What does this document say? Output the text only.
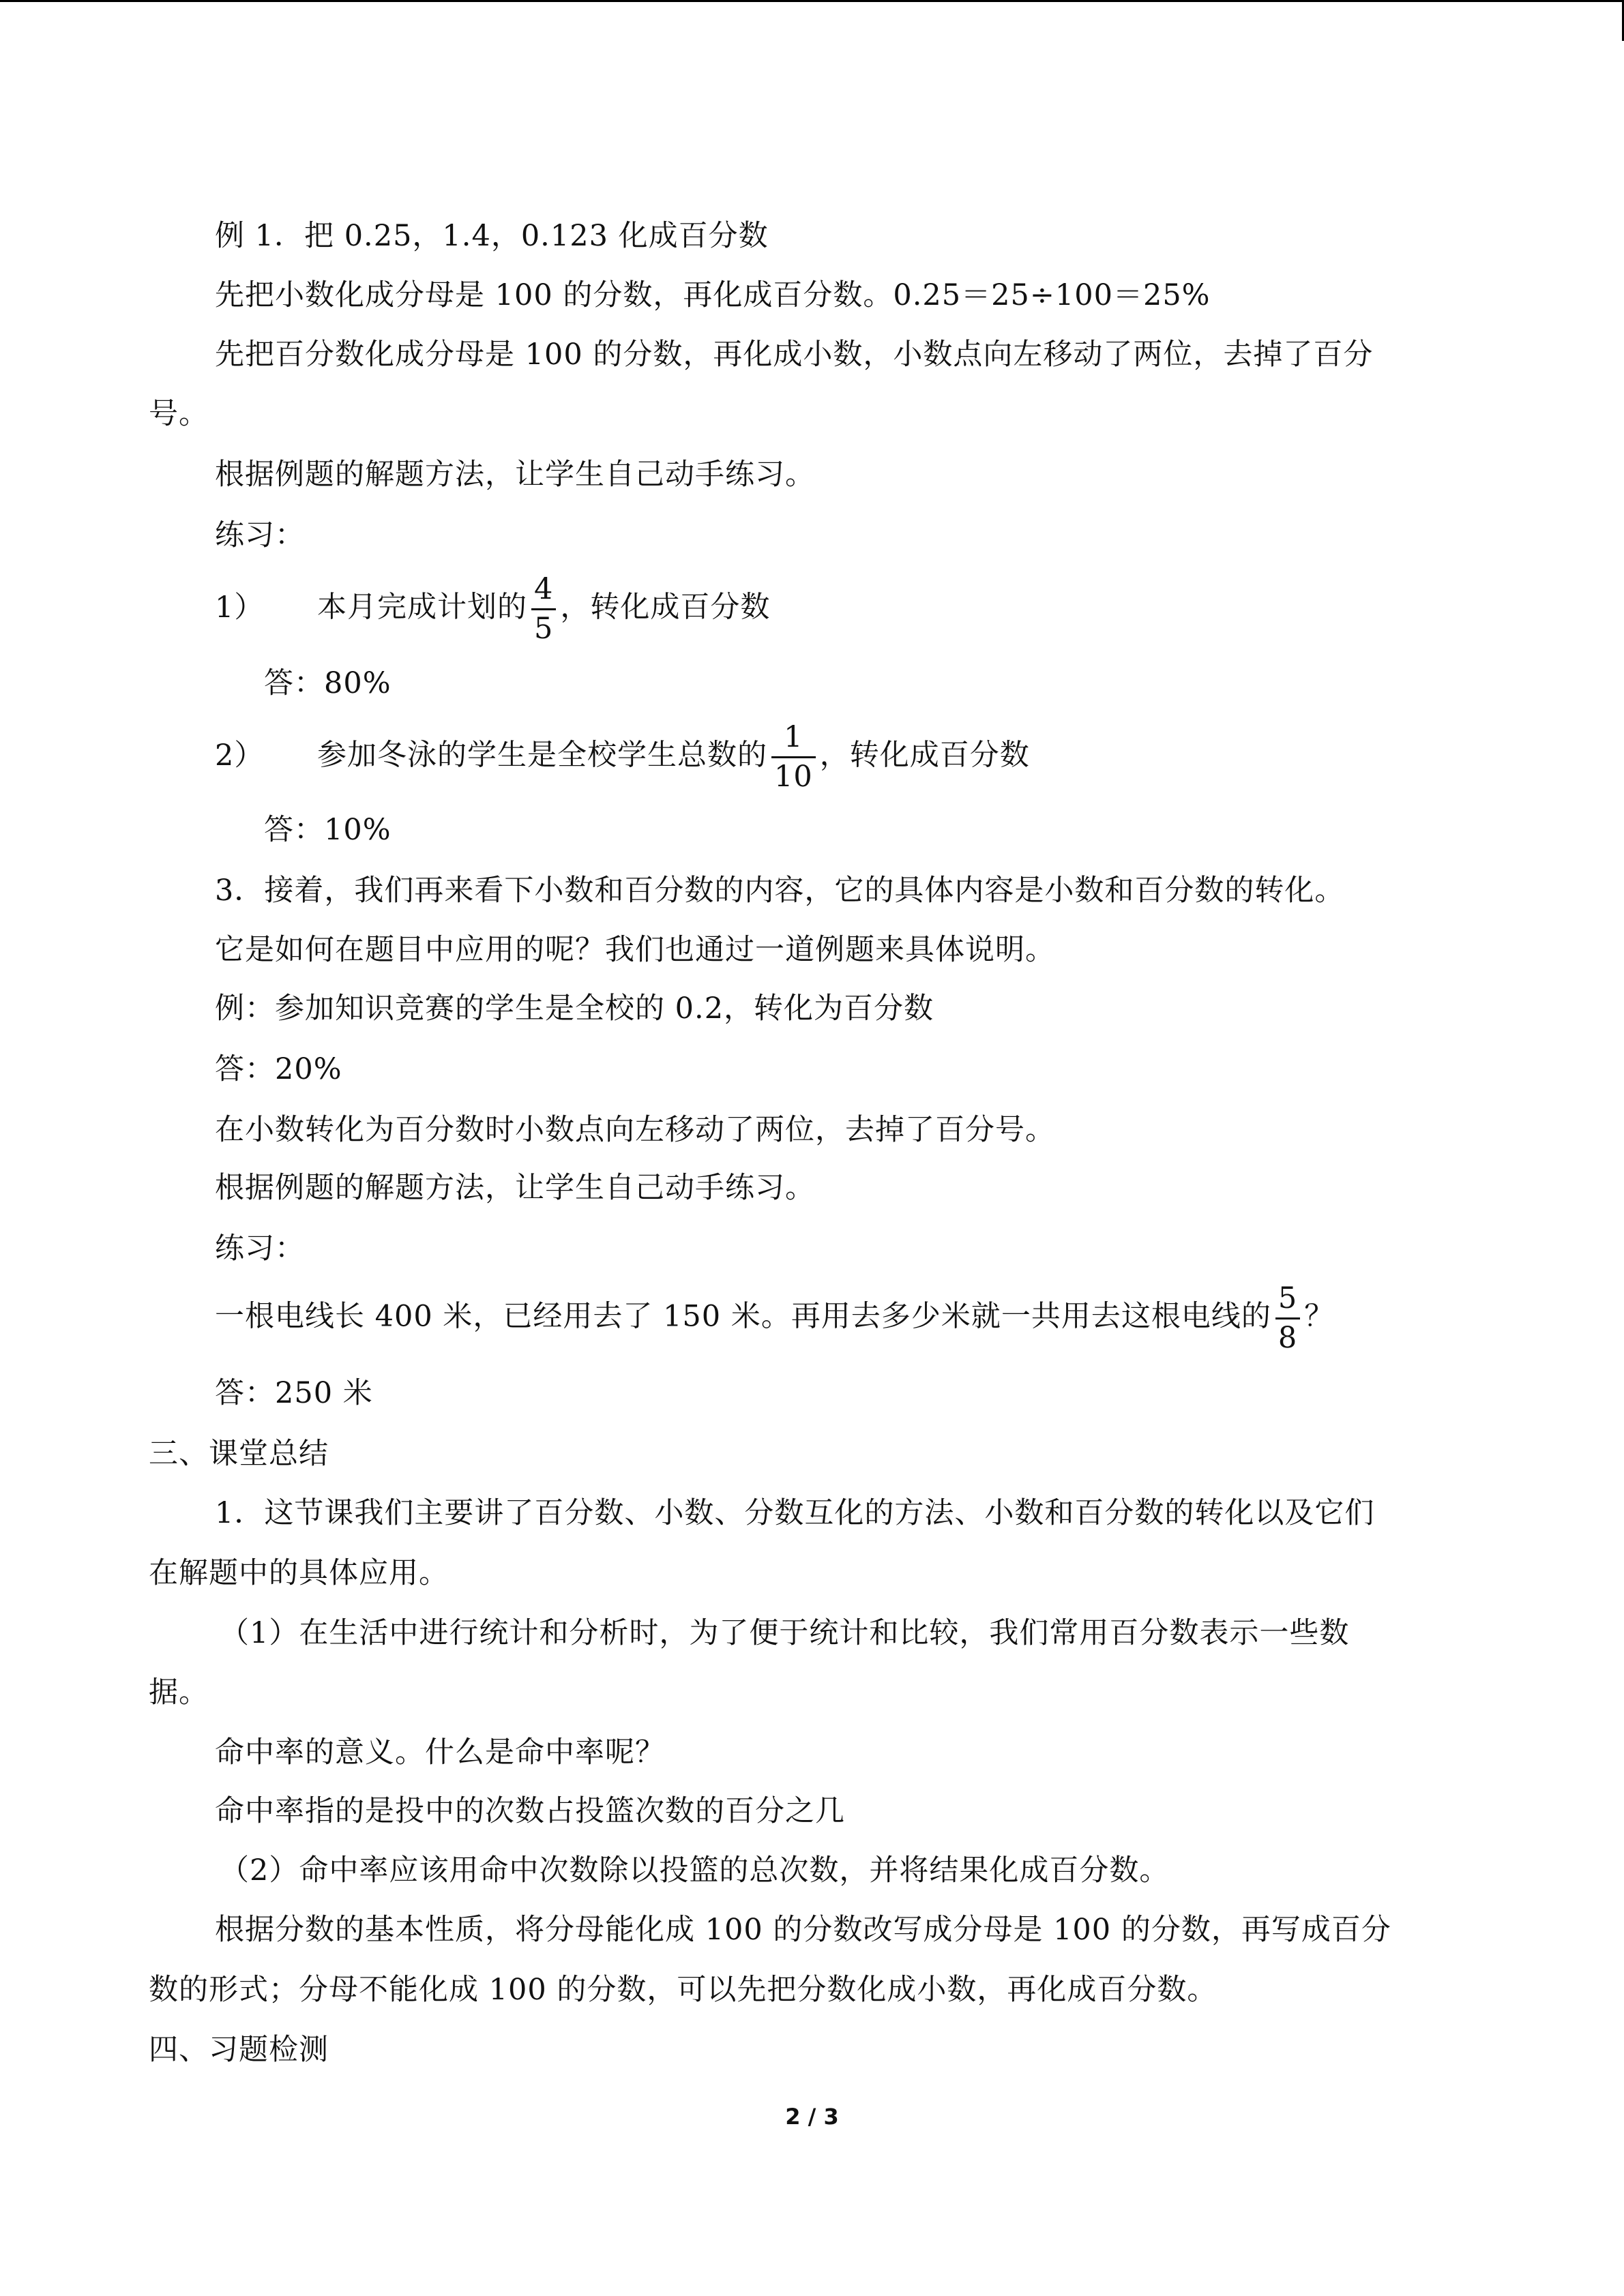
例 1．把 0.25，1.4，0.123 化成百分数
先把小数化成分母是 100 的分数，再化成百分数。0.25＝25÷100＝25%
先把百分数化成分母是 100 的分数，再化成小数，小数点向左移动了两位，去掉了百分
号。
根据例题的解题方法，让学生自己动手练习。
练习：
1） 本月完成计划的 $\frac{4}{5}$ ，转化成百分数
答：80%
2） 参加冬泳的学生是全校学生总数的 $\frac{1}{10}$ ，转化成百分数
答：10%
3．接着，我们再来看下小数和百分数的内容，它的具体内容是小数和百分数的转化。
它是如何在题目中应用的呢？我们也通过一道例题来具体说明。
例：参加知识竞赛的学生是全校的 0.2，转化为百分数
答：20%
在小数转化为百分数时小数点向左移动了两位，去掉了百分号。
根据例题的解题方法，让学生自己动手练习。
练习：
一根电线长 400 米，已经用去了 150 米。再用去多少米就一共用去这根电线的 $\frac{5}{8}$ ？
答：250 米
三、课堂总结
1．这节课我们主要讲了百分数、小数、分数互化的方法、小数和百分数的转化以及它们
在解题中的具体应用。
（1）在生活中进行统计和分析时，为了便于统计和比较，我们常用百分数表示一些数
据。
命中率的意义。什么是命中率呢？
命中率指的是投中的次数占投篮次数的百分之几
（2）命中率应该用命中次数除以投篮的总次数，并将结果化成百分数。
根据分数的基本性质，将分母能化成 100 的分数改写成分母是 100 的分数，再写成百分
数的形式；分母不能化成 100 的分数，可以先把分数化成小数，再化成百分数。
四、习题检测
2 / 3
